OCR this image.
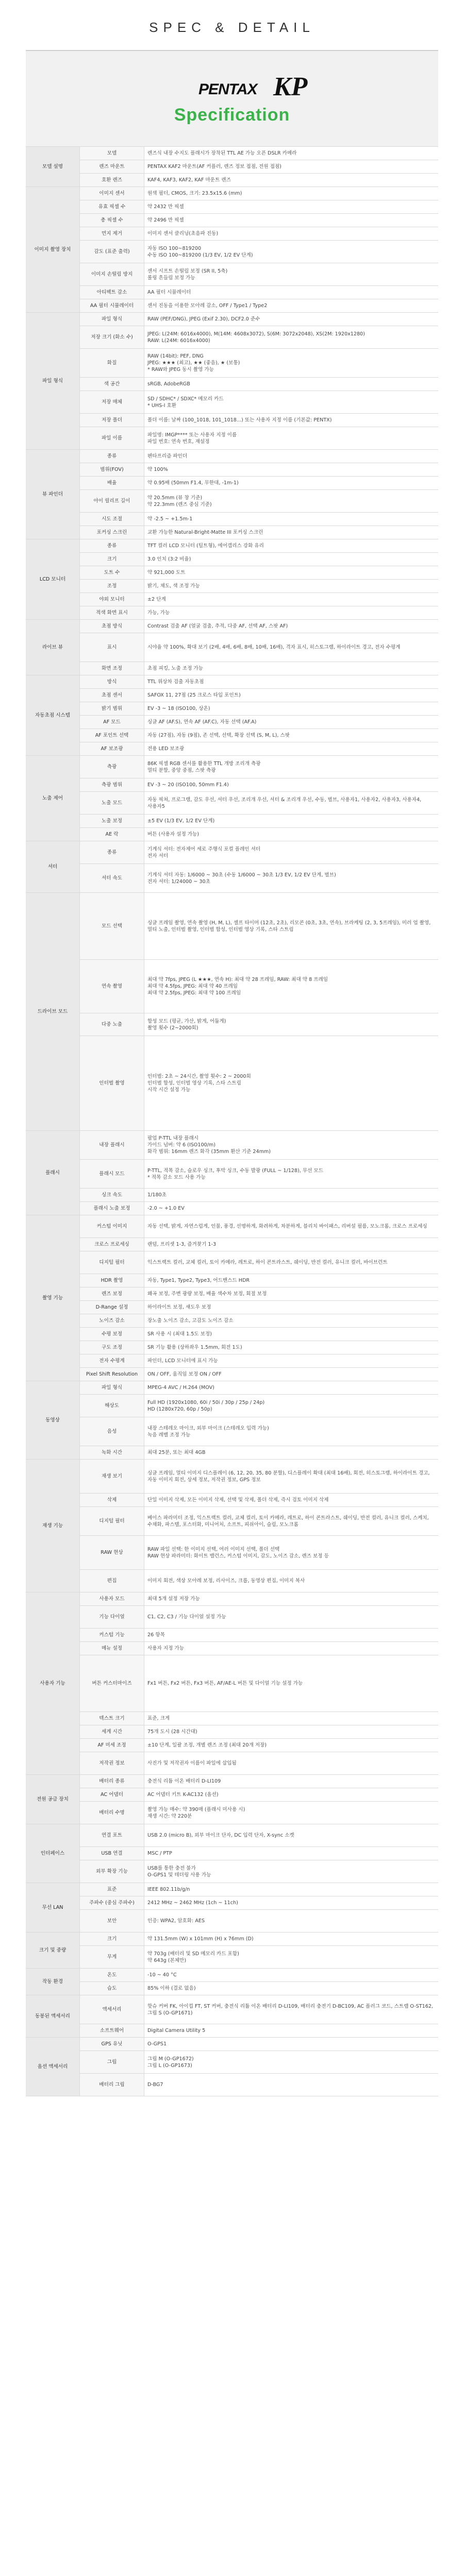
SPEC & DETAIL
PENTAX KP
Specification
모델 설명	모델	렌즈식 내장 수지도 플래시가 장착된 TTL AE 가능 오픈 DSLR 카메라
	렌즈 마운트	PENTAX KAF2 마운트(AF 커플러, 렌즈 정보 접점, 전원 접점)
	호환 렌즈	KAF4, KAF3, KAF2, KAF 마운트 렌즈
이미지 촬영 장치	이미지 센서	원색 필터, CMOS, 크기: 23.5x15.6 (mm)
	유효 픽셀 수	약 2432 만 픽셀
	총 픽셀 수	약 2496 만 픽셀
	먼지 제거	이미지 센서 클리닝(초음파 진동)
	감도 (표준 출력)	자동 ISO 100~819200
수동 ISO 100~819200 (1/3 EV, 1/2 EV 단계)
	이미지 손떨림 방지	센서 시프트 손떨림 보정 (SR II, 5축)
롤링 흔들림 보정 가능
	아티팩트 감소	AA 필터 시뮬레이터
	AA 필터 시뮬레이터	센서 진동을 이용한 모아레 감소, OFF / Type1 / Type2
파일 형식	파일 형식	RAW (PEF/DNG), JPEG (Exif 2.30), DCF2.0 준수
	저장 크기 (화소 수)	JPEG: L(24M: 6016x4000), M(14M: 4608x3072), S(6M: 3072x2048), XS(2M: 1920x1280)
RAW: L(24M: 6016x4000)
	화질	RAW (14bit): PEF, DNG
JPEG: ★★★ (최고), ★★ (좋음), ★ (보통)
* RAW와 JPEG 동시 촬영 가능
	색 공간	sRGB, AdobeRGB
	저장 매체	SD / SDHC* / SDXC* 메모리 카드
* UHS-I 호환
	저장 폴더	폴더 이름: 날짜 (100_1018, 101_1018...) 또는 사용자 지정 이름 (기본값: PENTX)
	파일 이름	파일명: IMGP**** 또는 사용자 지정 이름
파일 번호: 연속 번호, 재설정
뷰 파인더	종류	펜타프리즘 파인더
	범위(FOV)	약 100%
	배율	약 0.95배 (50mm F1.4, 무한대, -1m-1)
	아이 릴리프 길이	약 20.5mm (뷰 창 기준)
약 22.3mm (렌즈 중심 기준)
	시도 조절	약 -2.5 ~ +1.5m-1
	포커싱 스크린	교환 가능한 Natural-Bright-Matte III 포커싱 스크린
LCD 모니터	종류	TFT 컬러 LCD 모니터 (틸트형), 에어갭리스 강화 유리
	크기	3.0 인치 (3:2 비율)
	도트 수	약 921,000 도트
	조정	밝기, 채도, 색 조정 가능
	야외 모니터	±2 단계
	적색 화면 표시	가능, 가능
라이브 뷰	초점 방식	Contrast 검출 AF (얼굴 검출, 추적, 다중 AF, 선택 AF, 스팟 AF)
	표시	시야율 약 100%, 확대 보기 (2배, 4배, 6배, 8배, 10배, 16배), 격자 표시, 히스토그램, 하이라이트 경고, 전자 수평계
	화면 조정	초점 피킹, 노출 조정 가능
자동초점 시스템	방식	TTL 위상차 검출 자동초점
	초점 센서	SAFOX 11, 27점 (25 크로스 타입 포인트)
	밝기 범위	EV -3 ~ 18 (ISO100, 상온)
	AF 모드	싱글 AF (AF.S), 연속 AF (AF.C), 자동 선택 (AF.A)
	AF 포인트 선택	자동 (27점), 자동 (9점), 존 선택, 선택, 확장 선택 (S, M, L), 스팟
	AF 보조광	전용 LED 보조광
노출 제어	측광	86K 픽셀 RGB 센서를 활용한 TTL 개방 조리개 측광
멀티 분할, 중앙 중점, 스팟 측광
	측광 범위	EV -3 ~ 20 (ISO100, 50mm F1.4)
	노출 모드	자동 픽쳐, 프로그램, 감도 우선, 셔터 우선, 조리개 우선, 셔터 & 조리개 우선, 수동, 벌브, 사용자1, 사용자2, 사용자3, 사용자4, 사용자5
	노출 보정	±5 EV (1/3 EV, 1/2 EV 단계)
	AE 락	버튼 (사용자 설정 가능)
셔터	종류	기계식 셔터: 전자제어 세로 주행식 포컬 플레인 셔터
전자 셔터
	셔터 속도	기계식 셔터 자동: 1/6000 ~ 30초 (수동 1/6000 ~ 30초 1/3 EV, 1/2 EV 단계, 벌브)
전자 셔터: 1/24000 ~ 30초
드라이브 모드	모드 선택	싱글 프레임 촬영, 연속 촬영 (H, M, L), 셀프 타이머 (12초, 2초), 리모콘 (0초, 3초, 연속), 브라케팅 (2, 3, 5프레임), 미러 업 촬영, 멀티 노출, 인터벌 촬영, 인터벌 합성, 인터벌 영상 기록, 스타 스트림
	연속 촬영	최대 약 7fps, JPEG (L ★★★, 연속 H): 최대 약 28 프레임, RAW: 최대 약 8 프레임
최대 약 4.5fps, JPEG: 최대 약 40 프레임
최대 약 2.5fps, JPEG: 최대 약 100 프레임
	다중 노출	합성 모드 (평균, 가산, 밝게, 어둡게)
촬영 횟수 (2~2000회)
	인터벌 촬영	인터벌: 2초 ~ 24시간, 촬영 횟수: 2 ~ 2000회
인터벌 합성, 인터벌 영상 기록, 스타 스트림
시작 시간 설정 가능
플래시	내장 플래시	팝업 P-TTL 내장 플래시
가이드 넘버: 약 6 (ISO100/m)
화각 범위: 16mm 렌즈 화각 (35mm 환산 기준 24mm)
	플래시 모드	P-TTL, 적목 감소, 슬로우 싱크, 후막 싱크, 수동 발광 (FULL ~ 1/128), 무선 모드
* 적목 감소 모드 사용 가능
	싱크 속도	1/180초
	플래시 노출 보정	-2.0 ~ +1.0 EV
촬영 기능	커스텀 이미지	자동 선택, 밝게, 자연스럽게, 인물, 풍경, 선명하게, 화려하게, 차분하게, 블리치 바이패스, 리버설 필름, 모노크롬, 크로스 프로세싱
	크로스 프로세싱	랜덤, 프리셋 1-3, 즐겨찾기 1-3
	디지털 필터	익스트랙트 컬러, 교체 컬러, 토이 카메라, 레트로, 하이 콘트라스트, 쉐이딩, 반전 컬러, 유니크 컬러, 바이브런트
	HDR 촬영	자동, Type1, Type2, Type3, 어드밴스드 HDR
	렌즈 보정	왜곡 보정, 주변 광량 보정, 배율 색수차 보정, 회절 보정
	D-Range 설정	하이라이트 보정, 섀도우 보정
	노이즈 감소	장노출 노이즈 감소, 고감도 노이즈 감소
	수평 보정	SR 사용 시 (최대 1.5도 보정)
	구도 조정	SR 기능 활용 (상하좌우 1.5mm, 회전 1도)
	전자 수평계	파인더, LCD 모니터에 표시 가능
	Pixel Shift Resolution	ON / OFF, 움직임 보정 ON / OFF
동영상	파일 형식	MPEG-4 AVC / H.264 (MOV)
	해상도	Full HD (1920x1080, 60i / 50i / 30p / 25p / 24p)
HD (1280x720, 60p / 50p)
	음성	내장 스테레오 마이크, 외부 마이크 (스테레오 입력 가능)
녹음 레벨 조정 가능
	녹화 시간	최대 25분, 또는 최대 4GB
재생 기능	재생 보기	싱글 프레임, 멀티 이미지 디스플레이 (6, 12, 20, 35, 80 분할), 디스플레이 확대 (최대 16배), 회전, 히스토그램, 하이라이트 경고, 자동 이미지 회전, 상세 정보, 저작권 정보, GPS 정보
	삭제	단일 이미지 삭제, 모든 이미지 삭제, 선택 및 삭제, 폴더 삭제, 즉시 검토 이미지 삭제
	디지털 필터	베이스 파라미터 조정, 익스트랙트 컬러, 교체 컬러, 토이 카메라, 레트로, 하이 콘트라스트, 쉐이딩, 반전 컬러, 유니크 컬러, 스케치, 수채화, 파스텔, 포스터화, 미니어처, 소프트, 피쉬아이, 슬림, 모노크롬
	RAW 현상	RAW 파일 선택: 한 이미지 선택, 여러 이미지 선택, 폴더 선택
RAW 현상 파라미터: 화이트 밸런스, 커스텀 이미지, 감도, 노이즈 감소, 렌즈 보정 등
	편집	이미지 회전, 색상 모아레 보정, 리사이즈, 크롭, 동영상 편집, 이미지 복사
사용자 기능	사용자 모드	최대 5개 설정 저장 가능
	기능 다이얼	C1, C2, C3 / 기능 다이얼 설정 가능
	커스텀 기능	26 항목
	메뉴 설정	사용자 지정 가능
	버튼 커스터마이즈	Fx1 버튼, Fx2 버튼, Fx3 버튼, AF/AE-L 버튼 및 다이얼 기능 설정 가능
	텍스트 크기	표준, 크게
	세계 시간	75개 도시 (28 시간대)
	AF 미세 조정	±10 단계, 일괄 조정, 개별 렌즈 조정 (최대 20개 저장)
	저작권 정보	사진가 및 저작권자 이름이 파일에 삽입됨
전원 공급 장치	배터리 종류	충전식 리튬 이온 배터리 D-LI109
	AC 어댑터	AC 어댑터 키트 K-AC132 (옵션)
	배터리 수명	촬영 가능 매수: 약 390매 (플래시 미사용 시)
재생 시간: 약 220분
인터페이스	연결 포트	USB 2.0 (micro B), 외부 마이크 단자, DC 입력 단자, X-sync 소켓
	USB 연결	MSC / PTP
	외부 확장 기능	USB를 통한 충전 불가
O-GPS1 및 테더링 사용 가능
무선 LAN	표준	IEEE 802.11b/g/n
	주파수 (중심 주파수)	2412 MHz ~ 2462 MHz (1ch ~ 11ch)
	보안	인증: WPA2, 암호화: AES
크기 및 중량	크기	약 131.5mm (W) x 101mm (H) x 76mm (D)
	무게	약 703g (배터리 및 SD 메모리 카드 포함)
약 643g (본체만)
작동 환경	온도	-10 ~ 40 °C
	습도	85% 이하 (결로 없음)
동봉된 액세서리	액세서리	핫슈 커버 FK, 아이컵 FT, ST 커버, 충전식 리튬 이온 배터리 D-LI109, 배터리 충전기 D-BC109, AC 플러그 코드, 스트랩 O-ST162, 그립 S (O-GP1671)
	소프트웨어	Digital Camera Utility 5
옵션 액세서리	GPS 유닛	O-GPS1
	그립	그립 M (O-GP1672)
그립 L (O-GP1673)
	배터리 그립	D-BG7
